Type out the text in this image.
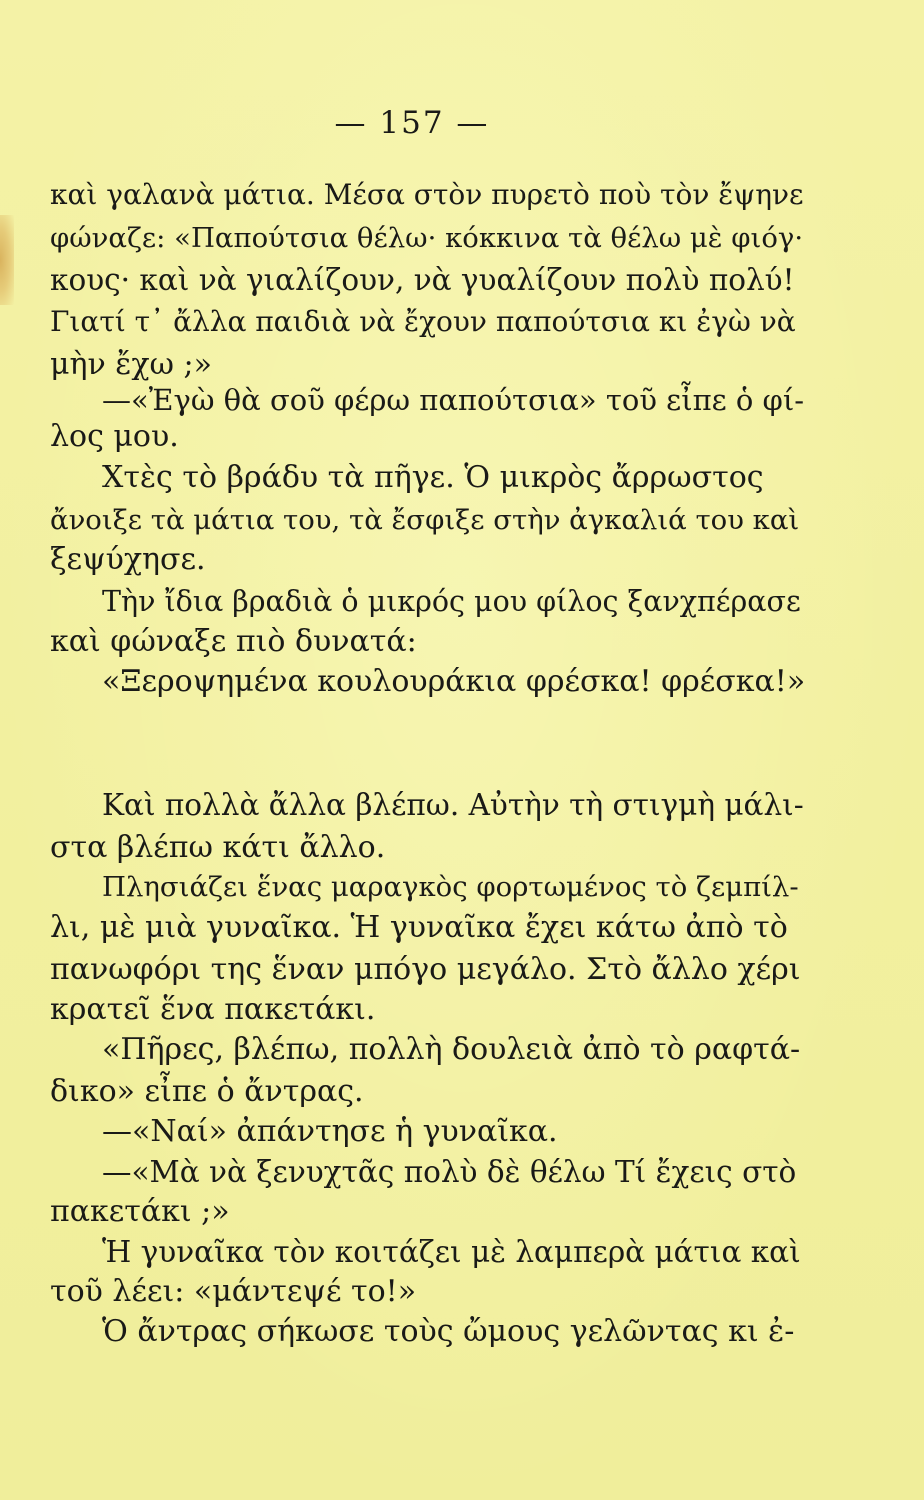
— 157 —
καὶ γαλανὰ μάτια. Μέσα στὸν πυρετὸ ποὺ τὸν ἔψηνε
φώναζε: «Παπούτσια θέλω· κόκκινα τὰ θέλω μὲ φιόγ·
κους· καὶ νὰ γιαλίζουν, νὰ γυαλίζουν πολὺ πολύ!
Γιατί τ᾽ ἄλλα παιδιὰ νὰ ἔχουν παπούτσια κι ἐγὼ νὰ
μὴν ἔχω ;»
—«Ἐγὼ θὰ σοῦ φέρω παπούτσια» τοῦ εἶπε ὁ φί-
λος μου.
Χτὲς τὸ βράδυ τὰ πῆγε. Ὁ μικρὸς ἄρρωστος
ἄνοιξε τὰ μάτια του, τὰ ἔσφιξε στὴν ἀγκαλιά του καὶ
ξεψύχησε.
Τὴν ἴδια βραδιὰ ὁ μικρός μου φίλος ξανχπέρασε
καὶ φώναξε πιὸ δυνατά:
«Ξεροψημένα κουλουράκια φρέσκα! φρέσκα!»
Καὶ πολλὰ ἄλλα βλέπω. Αὐτὴν τὴ στιγμὴ μάλι-
στα βλέπω κάτι ἄλλο.
Πλησιάζει ἕνας μαραγκὸς φορτωμένος τὸ ζεμπίλ-
λι, μὲ μιὰ γυναῖκα. Ἡ γυναῖκα ἔχει κάτω ἀπὸ τὸ
πανωφόρι της ἕναν μπόγο μεγάλο. Στὸ ἄλλο χέρι
κρατεῖ ἕνα πακετάκι.
«Πῆρες, βλέπω, πολλὴ δουλειὰ ἀπὸ τὸ ραφτά-
δικο» εἶπε ὁ ἄντρας.
—«Ναί» ἀπάντησε ἡ γυναῖκα.
—«Μὰ νὰ ξενυχτᾶς πολὺ δὲ θέλω Τί ἔχεις στὸ
πακετάκι ;»
Ἡ γυναῖκα τὸν κοιτάζει μὲ λαμπερὰ μάτια καὶ
τοῦ λέει: «μάντεψέ το!»
Ὁ ἄντρας σήκωσε τοὺς ὤμους γελῶντας κι ἐ-
